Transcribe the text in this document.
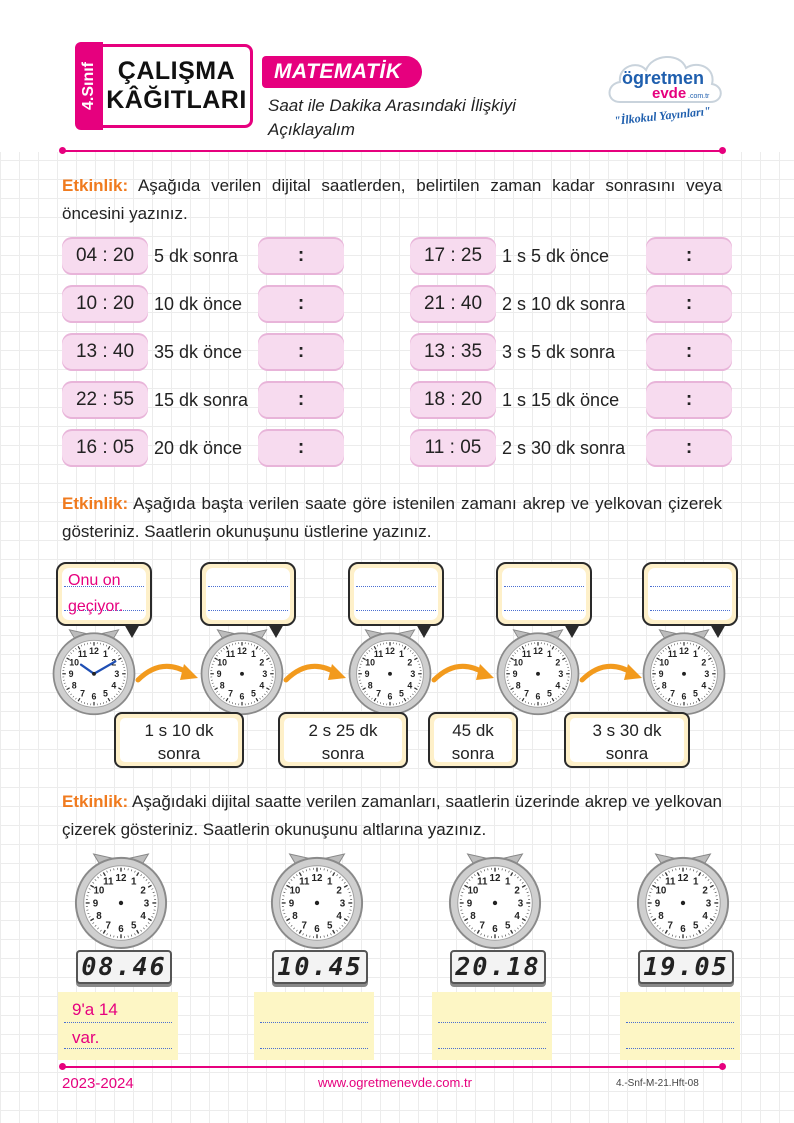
4.Sınıf ÇALIŞMA
KÂĞITLARI
MATEMATİK
Saat ile Dakika Arasındaki İlişkiyi
Açıklayalım
ögretmen
evde .com.tr
"İlkokul Yayınları"
Etkinlik: Aşağıda verilen dijital saatlerden, belirtilen zaman kadar sonrasını veya öncesini yazınız.
04 : 20	5 dk sonra	:
10 : 20	10 dk önce	:
13 : 40	35 dk önce	:
22 : 55	15 dk sonra	:
16 : 05	20 dk önce	:
17 : 25	1 s 5 dk önce	:
21 : 40	2 s 10 dk sonra	:
13 : 35	3 s 5 dk sonra	:
18 : 20	1 s 15 dk önce	:
11 : 05	2 s 30 dk sonra	:
Etkinlik: Aşağıda başta verilen saate göre istenilen zamanı akrep ve yelkovan çizerek gösteriniz. Saatlerin okunuşunu üstlerine yazınız.
Onu on
geçiyor.
12 1
3
4
5
6
7
8
9
10
11	12 1
2
3
4
5
6
7
8
9
10
11	12 1
2
3
4
5
6
7
8
9
10
11	12 1
2
3
4
5
6
7
8
9
10
11	12 1
2
3
4
5
6
7
8
9
10
11
1 s 10 dk
sonra
2 s 25 dk
sonra
45 dk
sonra
3 s 30 dk
sonra
Etkinlik: Aşağıdaki dijital saatte verilen zamanları, saatlerin üzerinde akrep ve yelkovan çizerek gösteriniz. Saatlerin okunuşunu altlarına yazınız.
12 1
2
3
4
5
6
7
8
9
10
11
08.46
9'a 14
var.
12 1
2
3
4
5
6
7
8
9
10
11
10.45
12 1
2
3
4
5
6
7
8
9
10
11
20.18
12 1
2
3
4
5
6
7
8
9
10
11
19.05
2023-2024	www.ogretmenevde.com.tr	4.-Snf-M-21.Hft-08
